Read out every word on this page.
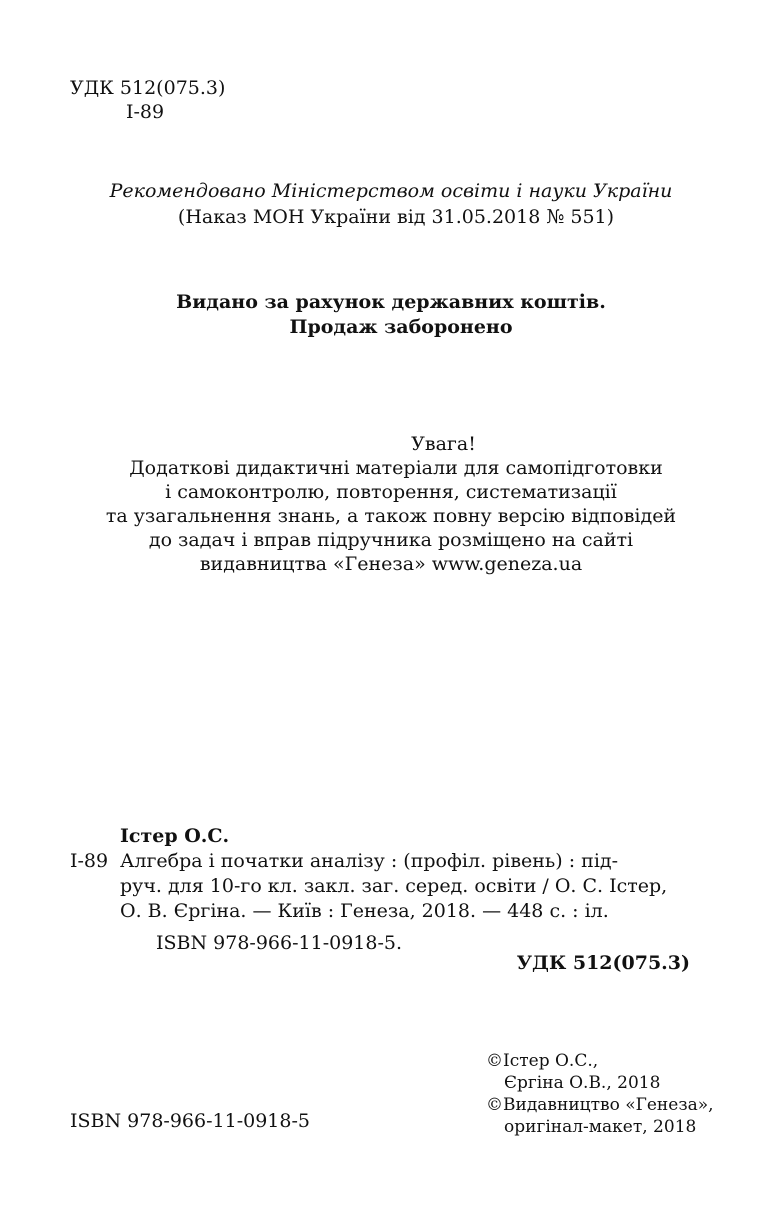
УДК 512(075.3)
І-89
Рекомендовано Міністерством освіти і науки України
(Наказ МОН України від 31.05.2018 № 551)
Видано за рахунок державних коштів.
Продаж заборонено
Увага!
Додаткові дидактичні матеріали для самопідготовки
і самоконтролю, повторення, систематизації
та узагальнення знань, а також повну версію відповідей
до задач і вправ підручника розміщено на сайті
видавництва «Генеза» www.geneza.ua
Істер О.С.
І-89 Алгебра і початки аналізу : (профіл. рівень) : під-
руч. для 10-го кл. закл. заг. серед. освіти / О. С. Істер,
О. В. Єргіна. — Київ : Генеза, 2018. — 448 с. : іл.
ISBN 978-966-11-0918-5.
УДК 512(075.3)
©Істер О.С.,
Єргіна О.В., 2018
©Видавництво «Генеза»,
оригінал-макет, 2018
ISBN 978-966-11-0918-5
